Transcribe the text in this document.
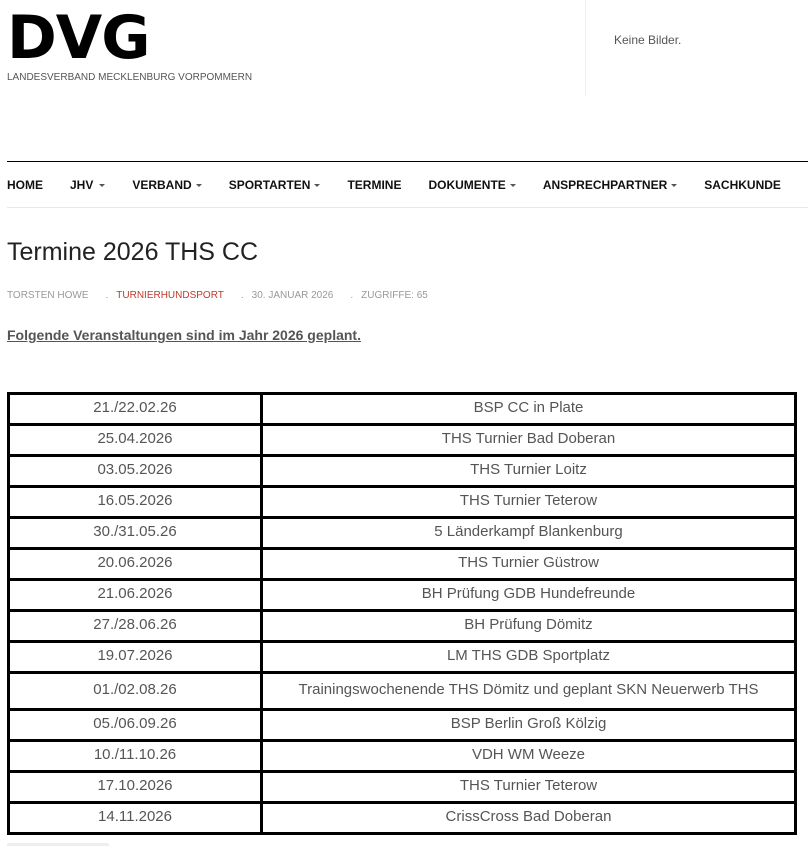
DVG
LANDESVERBAND MECKLENBURG VORPOMMERN
Keine Bilder.
HOME JHV	VERBAND	SPORTARTEN	TERMINE DOKUMENTE	ANSPRECHPARTNER	SACHKUNDE
Termine 2026 THS CC
TORSTEN HOWE . TURNIERHUNDSPORT . 30. JANUAR 2026 . ZUGRIFFE: 65

Folgende Veranstaltungen sind im Jahr 2026 geplant.

21./22.02.26	BSP CC in Plate
25.04.2026	THS Turnier Bad Doberan
03.05.2026	THS Turnier Loitz
16.05.2026	THS Turnier Teterow
30./31.05.26	5 Länderkampf Blankenburg
20.06.2026	THS Turnier Güstrow
21.06.2026	BH Prüfung GDB Hundefreunde
27./28.06.26	BH Prüfung Dömitz
19.07.2026	LM THS GDB Sportplatz
01./02.08.26	Trainingswochenende THS Dömitz und geplant SKN Neuerwerb THS
05./06.09.26	BSP Berlin Groß Kölzig
10./11.10.26	VDH WM Weeze
17.10.2026	THS Turnier Teterow
14.11.2026	CrissCross Bad Doberan
